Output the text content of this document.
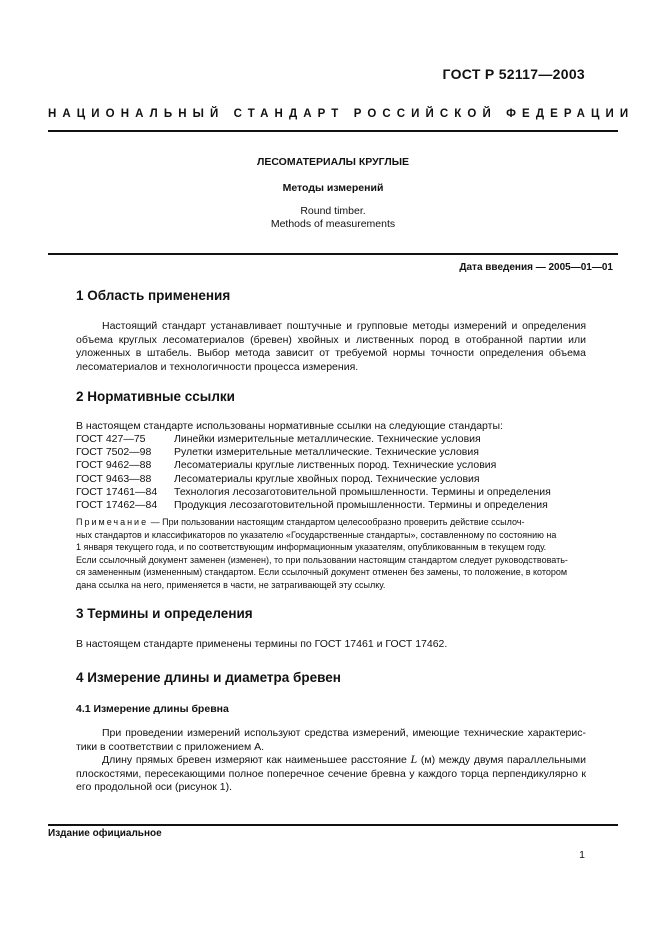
ГОСТ Р 52117—2003
НАЦИОНАЛЬНЫЙ СТАНДАРТ РОССИЙСКОЙ ФЕДЕРАЦИИ
ЛЕСОМАТЕРИАЛЫ КРУГЛЫЕ
Методы измерений
Round timber.
Methods of measurements
Дата введения — 2005—01—01
1 Область применения
Настоящий стандарт устанавливает поштучные и групповые методы измерений и определения
объема круглых лесоматериалов (бревен) хвойных и лиственных пород в отобранной партии или
уложенных в штабель. Выбор метода зависит от требуемой нормы точности определения объема
лесоматериалов и технологичности процесса измерения.
2 Нормативные ссылки
В настоящем стандарте использованы нормативные ссылки на следующие стандарты:
ГОСТ 427—75	Линейки измерительные металлические. Технические условия
ГОСТ 7502—98	Рулетки измерительные металлические. Технические условия
ГОСТ 9462—88	Лесоматериалы круглые лиственных пород. Технические условия
ГОСТ 9463—88	Лесоматериалы круглые хвойных пород. Технические условия
ГОСТ 17461—84	Технология лесозаготовительной промышленности. Термины и определения
ГОСТ 17462—84	Продукция лесозаготовительной промышленности. Термины и определения
Примечание — При пользовании настоящим стандартом целесообразно проверить действие ссылоч-
ных стандартов и классификаторов по указателю «Государственные стандарты», составленному по состоянию на
1 января текущего года, и по соответствующим информационным указателям, опубликованным в текущем году.
Если ссылочный документ заменен (изменен), то при пользовании настоящим стандартом следует руководствовать-
ся замененным (измененным) стандартом. Если ссылочный документ отменен без замены, то положение, в котором
дана ссылка на него, применяется в части, не затрагивающей эту ссылку.
3 Термины и определения
В настоящем стандарте применены термины по ГОСТ 17461 и ГОСТ 17462.
4 Измерение длины и диаметра бревен
4.1 Измерение длины бревна
При проведении измерений используют средства измерений, имеющие технические характерис-
тики в соответствии с приложением А.
Длину прямых бревен измеряют как наименьшее расстояние L (м) между двумя параллельными
плоскостями, пересекающими полное поперечное сечение бревна у каждого торца перпендикулярно к
его продольной оси (рисунок 1).
Издание официальное
1
